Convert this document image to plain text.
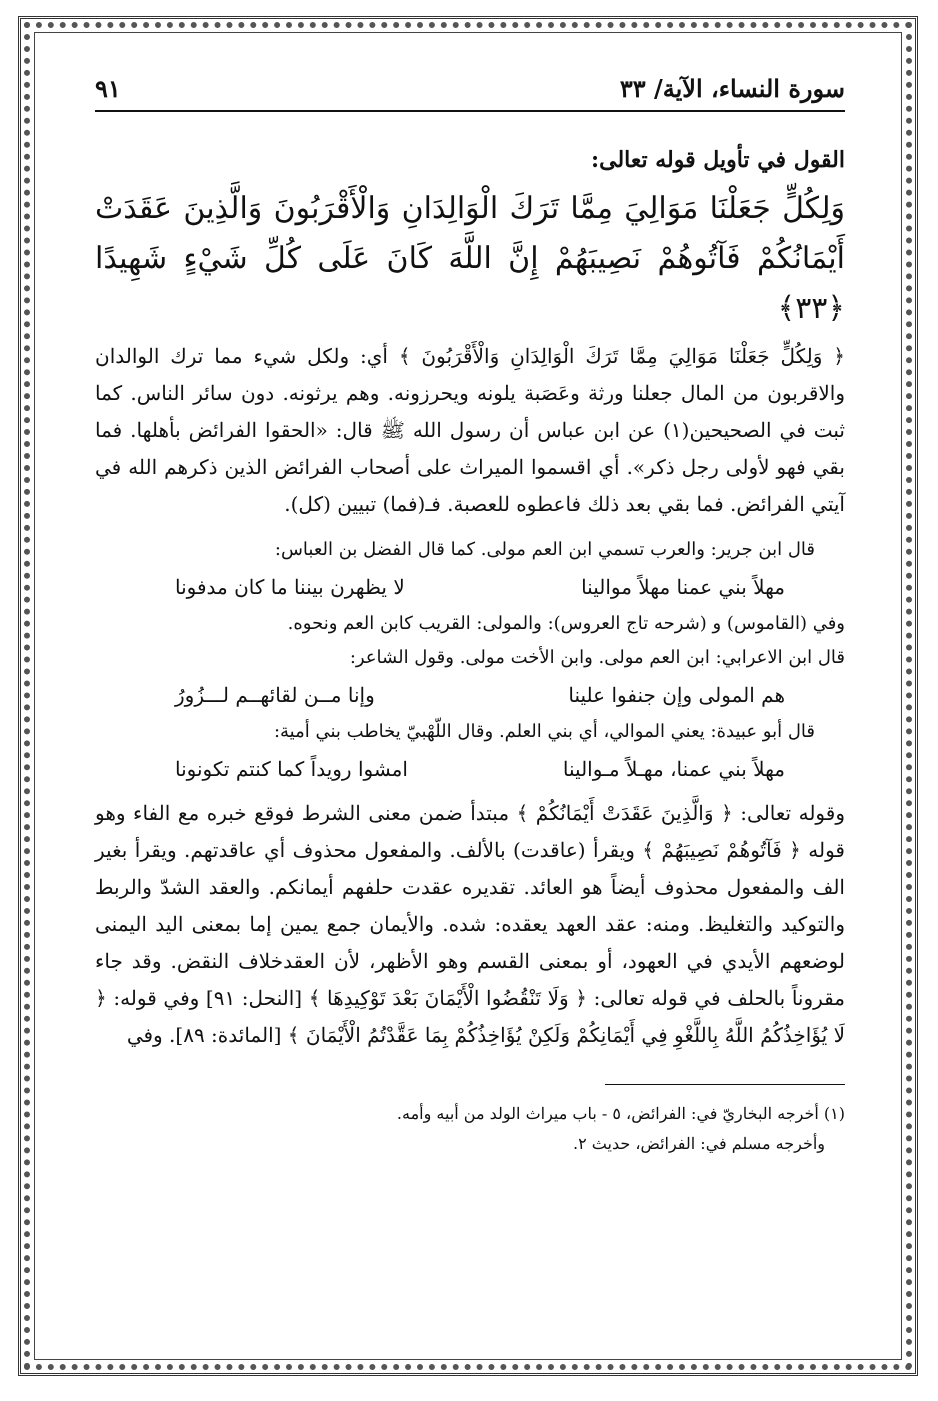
سورة النساء، الآية/ ٣٣
٩١

القول في تأويل قوله تعالى:

وَلِكُلٍّ جَعَلْنَا مَوَالِيَ مِمَّا تَرَكَ الْوَالِدَانِ وَالْأَقْرَبُونَ وَالَّذِينَ عَقَدَتْ

أَيْمَانُكُمْ فَآتُوهُمْ نَصِيبَهُمْ إِنَّ اللَّهَ كَانَ عَلَى كُلِّ شَيْءٍ شَهِيدًا ﴿٣٣﴾

﴿ وَلِكُلٍّ جَعَلْنَا مَوَالِيَ مِمَّا تَرَكَ الْوَالِدَانِ وَالْأَقْرَبُونَ ﴾ أي: ولكل شيء مما ترك الوالدان والاقربون من المال جعلنا ورثة وعَصَبة يلونه ويحرزونه. وهم يرثونه. دون سائر الناس. كما ثبت في الصحيحين(١) عن ابن عباس أن رسول الله ﷺ قال: «الحقوا الفرائض بأهلها. فما بقي فهو لأولى رجل ذكر». أي اقسموا الميراث على أصحاب الفرائض الذين ذكرهم الله في آيتي الفرائض. فما بقي بعد ذلك فاعطوه للعصبة. فـ(فما) تبيين (كل).

قال ابن جرير: والعرب تسمي ابن العم مولى. كما قال الفضل بن العباس:

مهلاً بني عمنا مهلاً موالينا
لا يظهرن بيننا ما كان مدفونا

وفي (القاموس) و (شرحه تاج العروس): والمولى: القريب كابن العم ونحوه.

قال ابن الاعرابي: ابن العم مولى. وابن الأخت مولى. وقول الشاعر:

هم المولى وإن جنفوا علينا
وإنا مــن لقائهــم لـــزُورُ

قال أبو عبيدة: يعني الموالي، أي بني العلم. وقال اللّهْبيّ يخاطب بني أمية:

مهلاً بني عمنا، مهـلاً مـوالينا
امشوا رويداً كما كنتم تكونونا

وقوله تعالى: ﴿ وَالَّذِينَ عَقَدَتْ أَيْمَانُكُمْ ﴾ مبتدأ ضمن معنى الشرط فوقع خبره مع الفاء وهو قوله ﴿ فَآتُوهُمْ نَصِيبَهُمْ ﴾ ويقرأ (عاقدت) بالألف. والمفعول محذوف أي عاقدتهم. ويقرأ بغير الف والمفعول محذوف أيضاً هو العائد. تقديره عقدت حلفهم أيمانكم. والعقد الشدّ والربط والتوكيد والتغليظ. ومنه: عقد العهد يعقده: شده. والأيمان جمع يمين إما بمعنى اليد اليمنى لوضعهم الأيدي في العهود، أو بمعنى القسم وهو الأظهر، لأن العقدخلاف النقض. وقد جاء مقروناً بالحلف في قوله تعالى: ﴿ وَلَا تَنْقُضُوا الْأَيْمَانَ بَعْدَ تَوْكِيدِهَا ﴾ [النحل: ٩١] وفي قوله: ﴿ لَا يُؤَاخِذُكُمُ اللَّهُ بِاللَّغْوِ فِي أَيْمَانِكُمْ وَلَكِنْ يُؤَاخِذُكُمْ بِمَا عَقَّدْتُمُ الْأَيْمَانَ ﴾ [المائدة: ٨٩]. وفي

(١) أخرجه البخاريّ في: الفرائض، ٥ - باب ميراث الولد من أبيه وأمه.

وأخرجه مسلم في: الفرائض، حديث ٢.
